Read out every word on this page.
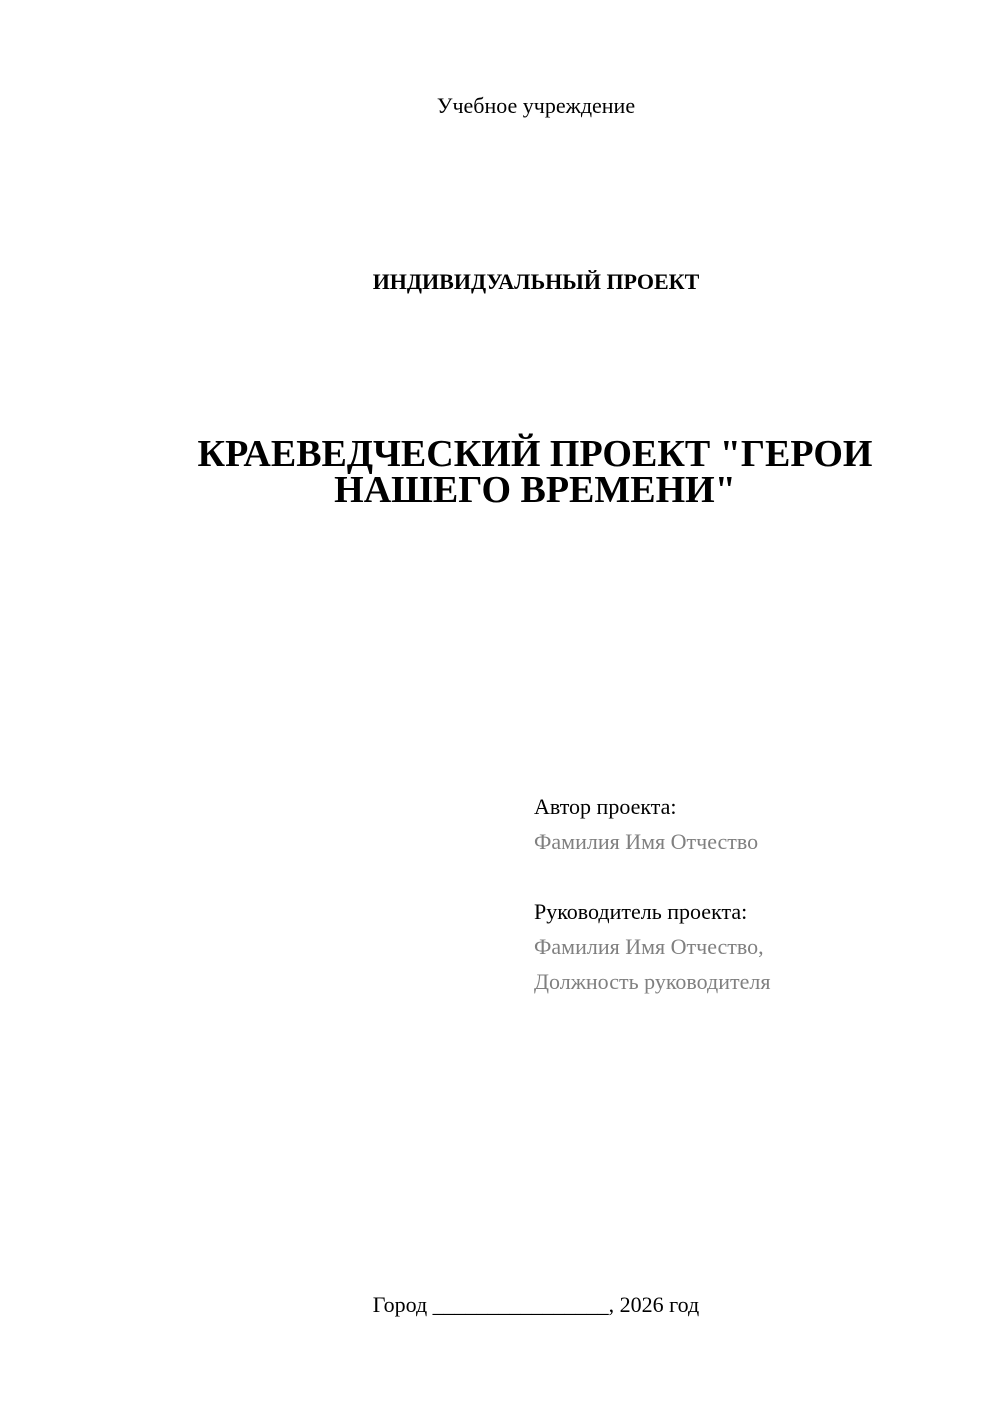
Учебное учреждение
ИНДИВИДУАЛЬНЫЙ ПРОЕКТ
КРАЕВЕДЧЕСКИЙ ПРОЕКТ "ГЕРОИ НАШЕГО ВРЕМЕНИ"
Автор проекта:
Фамилия Имя Отчество
Руководитель проекта:
Фамилия Имя Отчество,
Должность руководителя
Город ________________, 2026 год
